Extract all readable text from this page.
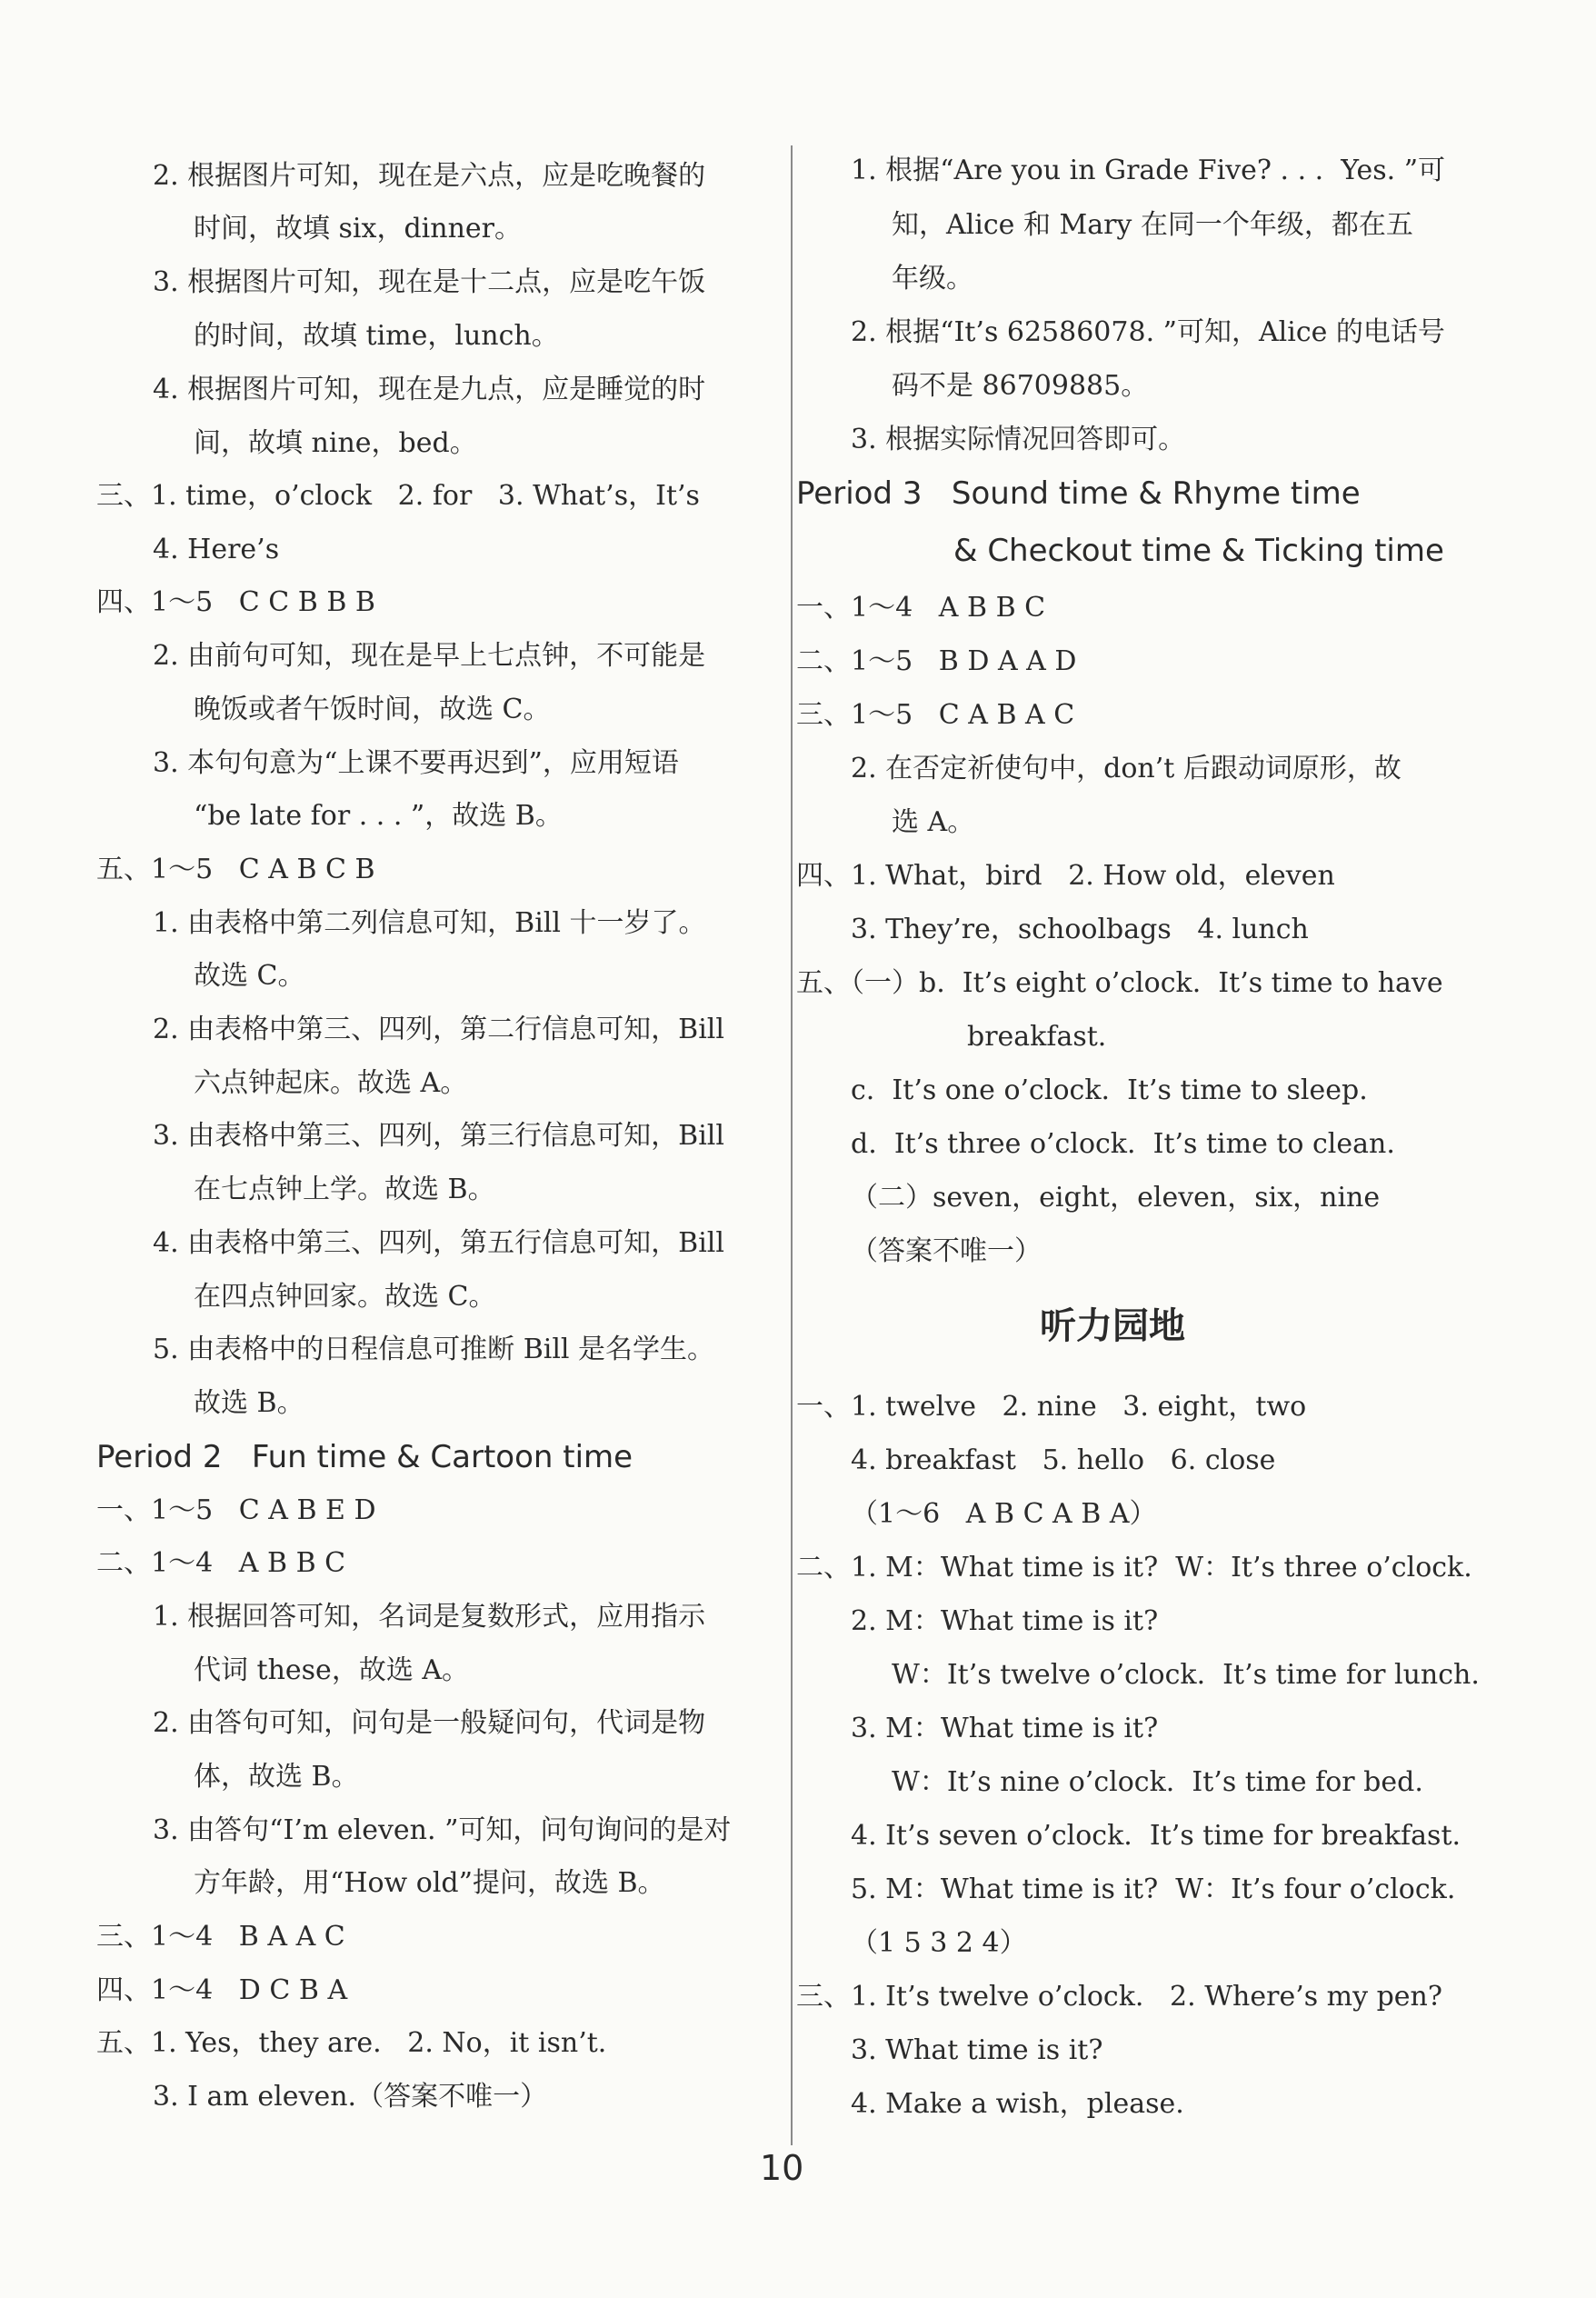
2. 根据图片可知，现在是六点，应是吃晚餐的
时间，故填 six，dinner。
3. 根据图片可知，现在是十二点，应是吃午饭
的时间，故填 time，lunch。
4. 根据图片可知，现在是九点，应是睡觉的时
间，故填 nine，bed。
三、1. time，o’clock   2. for   3. What’s，It’s
4. Here’s
四、1～5   C C B B B
2. 由前句可知，现在是早上七点钟，不可能是
晚饭或者午饭时间，故选 C。
3. 本句句意为“上课不要再迟到”，应用短语
“be late for . . . ”，故选 B。
五、1～5   C A B C B
1. 由表格中第二列信息可知，Bill 十一岁了。
故选 C。
2. 由表格中第三、四列，第二行信息可知，Bill
六点钟起床。故选 A。
3. 由表格中第三、四列，第三行信息可知，Bill
在七点钟上学。故选 B。
4. 由表格中第三、四列，第五行信息可知，Bill
在四点钟回家。故选 C。
5. 由表格中的日程信息可推断 Bill 是名学生。
故选 B。
Period 2   Fun time & Cartoon time
一、1～5   C A B E D
二、1～4   A B B C
1. 根据回答可知，名词是复数形式，应用指示
代词 these，故选 A。
2. 由答句可知，问句是一般疑问句，代词是物
体，故选 B。
3. 由答句“I’m eleven. ”可知，问句询问的是对
方年龄，用“How old”提问，故选 B。
三、1～4   B A A C
四、1～4   D C B A
五、1. Yes，they are.   2. No，it isn’t.
3. I am eleven.（答案不唯一）
1. 根据“Are you in Grade Five? . . .  Yes. ”可
知，Alice 和 Mary 在同一个年级，都在五
年级。
2. 根据“It’s 62586078. ”可知，Alice 的电话号
码不是 86709885。
3. 根据实际情况回答即可。
Period 3   Sound time & Rhyme time
& Checkout time & Ticking time
一、1～4   A B B C
二、1～5   B D A A D
三、1～5   C A B A C
2. 在否定祈使句中，don’t 后跟动词原形，故
选 A。
四、1. What，bird   2. How old，eleven
3. They’re，schoolbags   4. lunch
五、（一）b.  It’s eight o’clock.  It’s time to have
breakfast.
c.  It’s one o’clock.  It’s time to sleep.
d.  It’s three o’clock.  It’s time to clean.
（二）seven，eight，eleven，six，nine
（答案不唯一）
听力园地
一、1. twelve   2. nine   3. eight，two
4. breakfast   5. hello   6. close
（1～6   A B C A B A）
二、1. M：What time is it?  W：It’s three o’clock.
2. M：What time is it?
W：It’s twelve o’clock.  It’s time for lunch.
3. M：What time is it?
W：It’s nine o’clock.  It’s time for bed.
4. It’s seven o’clock.  It’s time for breakfast.
5. M：What time is it?  W：It’s four o’clock.
（1 5 3 2 4）
三、1. It’s twelve o’clock.   2. Where’s my pen?
3. What time is it?
4. Make a wish，please.
10
